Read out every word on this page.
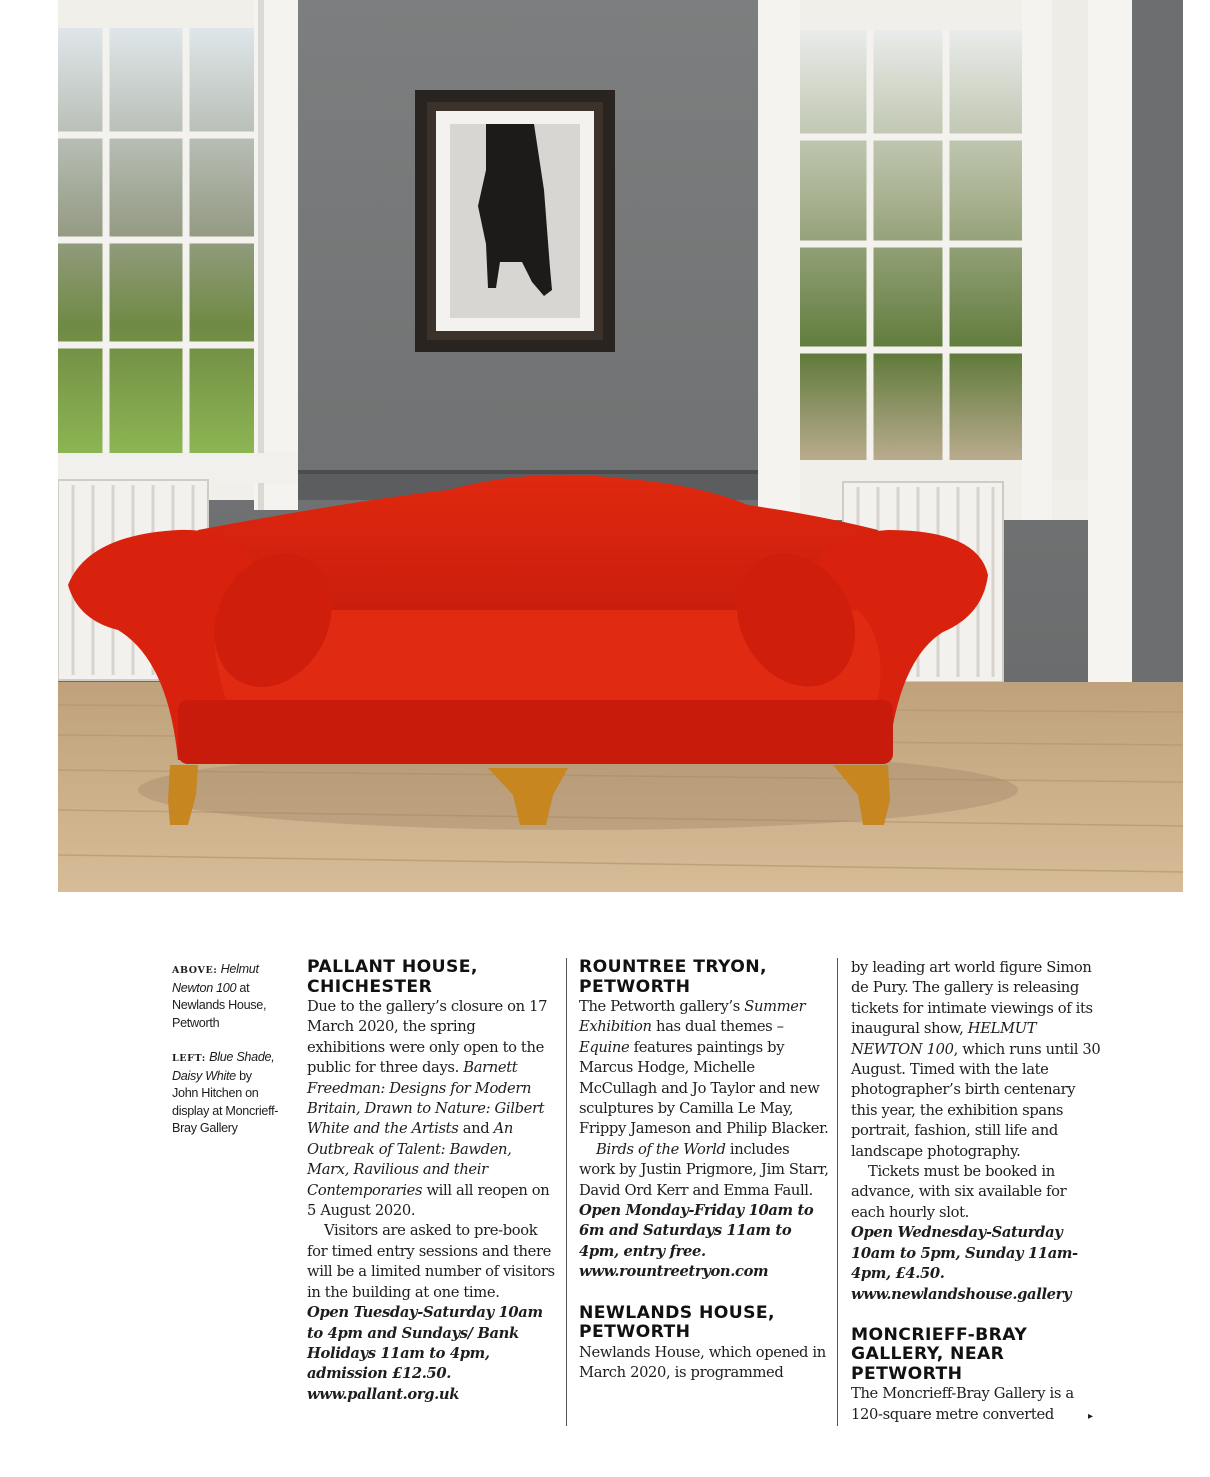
ABOVE: Helmut Newton 100 at Newlands House, Petworth

LEFT: Blue Shade, Daisy White by John Hitchen on display at Moncrieff-Bray Gallery

PALLANT HOUSE, CHICHESTER

Due to the gallery’s closure on 17 March 2020, the spring exhibitions were only open to the public for three days. Barnett Freedman: Designs for Modern Britain, Drawn to Nature: Gilbert White and the Artists and An Outbreak of Talent: Bawden, Marx, Ravilious and their Contemporaries will all reopen on 5 August 2020.

Visitors are asked to pre-book for timed entry sessions and there will be a limited number of visitors in the building at one time.

Open Tuesday-Saturday 10am to 4pm and Sundays/ Bank Holidays 11am to 4pm, admission £12.50.

www.pallant.org.uk

ROUNTREE TRYON, PETWORTH

The Petworth gallery’s Summer Exhibition has dual themes – Equine features paintings by Marcus Hodge, Michelle McCullagh and Jo Taylor and new sculptures by Camilla Le May, Frippy Jameson and Philip Blacker.

Birds of the World includes work by Justin Prigmore, Jim Starr, David Ord Kerr and Emma Faull.

Open Monday-Friday 10am to 6m and Saturdays 11am to 4pm, entry free.

www.rountreetryon.com

NEWLANDS HOUSE, PETWORTH

Newlands House, which opened in March 2020, is programmed

by leading art world figure Simon de Pury. The gallery is releasing tickets for intimate viewings of its inaugural show, HELMUT NEWTON 100, which runs until 30 August. Timed with the late photographer’s birth centenary this year, the exhibition spans portrait, fashion, still life and landscape photography.

Tickets must be booked in advance, with six available for each hourly slot.

Open Wednesday-Saturday 10am to 5pm, Sunday 11am-4pm, £4.50.

www.newlandshouse.gallery

MONCRIEFF-BRAY GALLERY, NEAR PETWORTH

The Moncrieff-Bray Gallery is a 120-square metre converted	▸
